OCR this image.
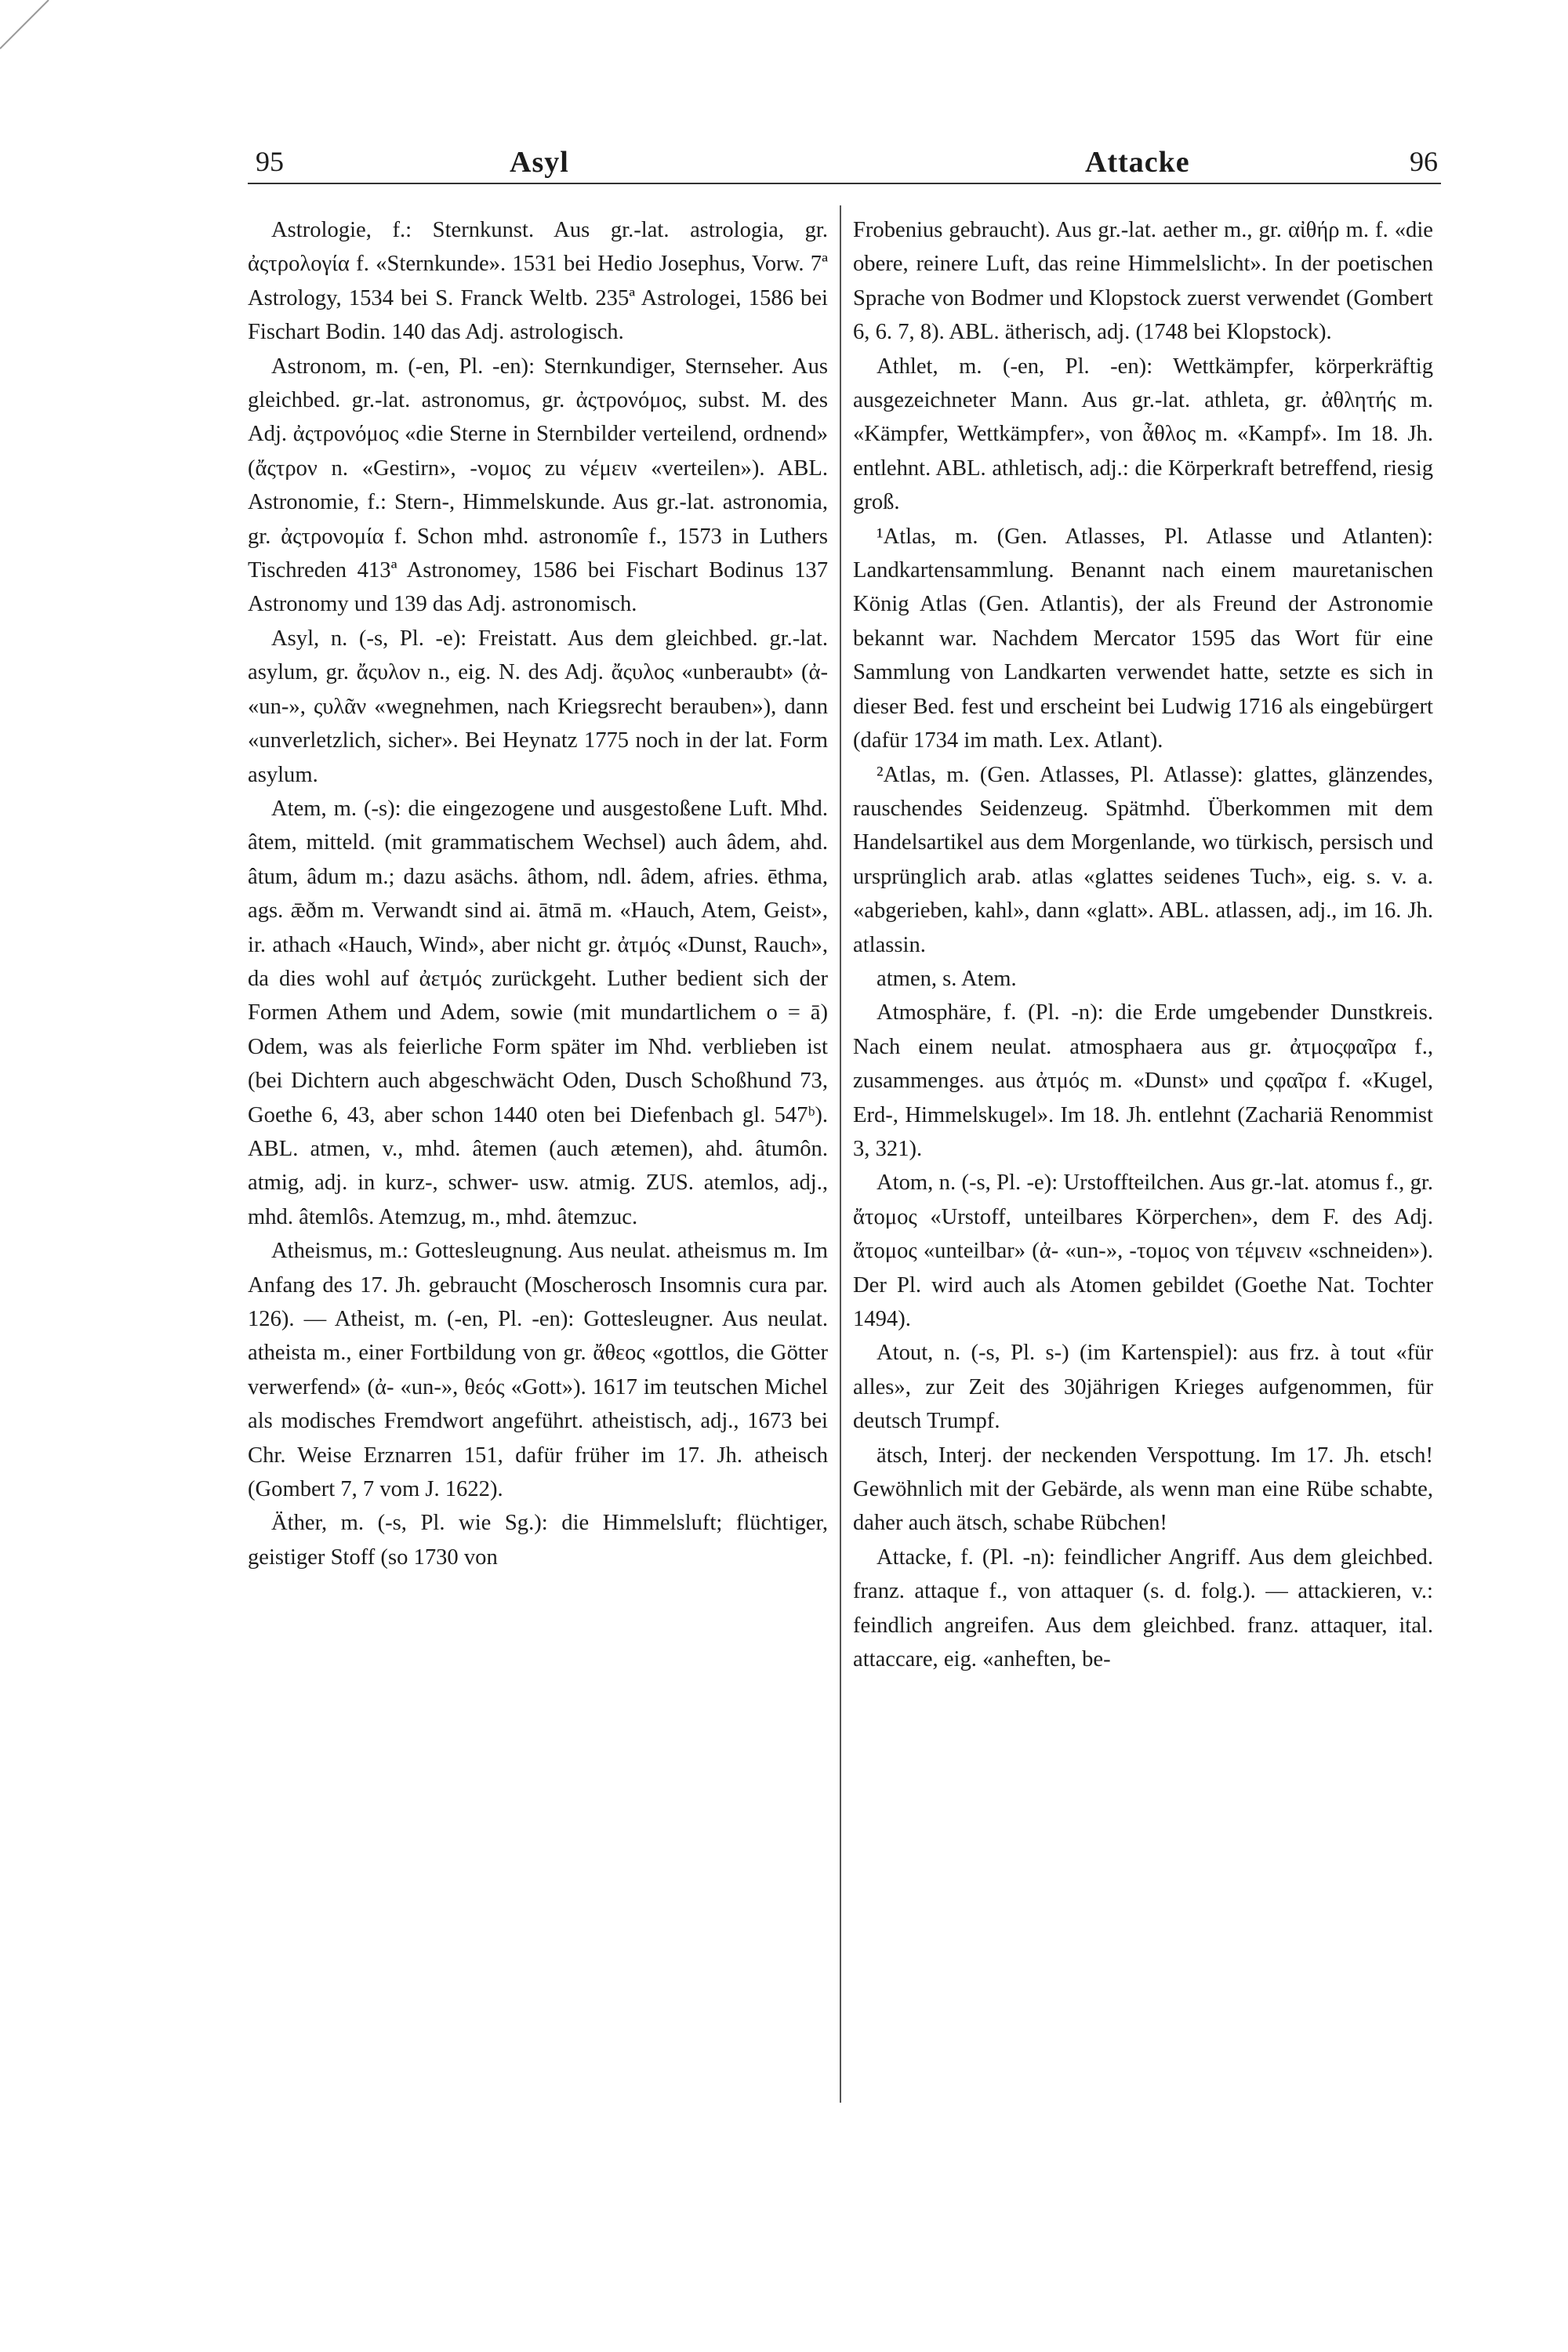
95	Asyl	Attacke	96

Astrologie, f.: Sternkunst. Aus gr.-lat. astrologia, gr. ἀςτρολογία f. «Sternkunde». 1531 bei Hedio Josephus, Vorw. 7ª Astrology, 1534 bei S. Franck Weltb. 235ª Astrologei, 1586 bei Fischart Bodin. 140 das Adj. astrologisch.

Astronom, m. (-en, Pl. -en): Sternkundiger, Sternseher. Aus gleichbed. gr.-lat. astronomus, gr. ἀςτρονόμος, subst. M. des Adj. ἀςτρονόμος «die Sterne in Sternbilder verteilend, ordnend» (ἄςτρον n. «Gestirn», -νομος zu νέμειν «verteilen»). ABL. Astronomie, f.: Stern-, Himmelskunde. Aus gr.-lat. astronomia, gr. ἀςτρονομία f. Schon mhd. astronomîe f., 1573 in Luthers Tischreden 413ª Astronomey, 1586 bei Fischart Bodinus 137 Astronomy und 139 das Adj. astronomisch.

Asyl, n. (-s, Pl. -e): Freistatt. Aus dem gleichbed. gr.-lat. asylum, gr. ἄςυλον n., eig. N. des Adj. ἄςυλος «unberaubt» (ἀ- «un-», ςυλᾶν «wegnehmen, nach Kriegsrecht berauben»), dann «unverletzlich, sicher». Bei Heynatz 1775 noch in der lat. Form asylum.

Atem, m. (-s): die eingezogene und ausgestoßene Luft. Mhd. âtem, mitteld. (mit grammatischem Wechsel) auch âdem, ahd. âtum, âdum m.; dazu asächs. âthom, ndl. âdem, afries. ēthma, ags. ǣðm m. Verwandt sind ai. ātmā m. «Hauch, Atem, Geist», ir. athach «Hauch, Wind», aber nicht gr. ἀτμός «Dunst, Rauch», da dies wohl auf ἀετμός zurückgeht. Luther bedient sich der Formen Athem und Adem, sowie (mit mundartlichem o = ā) Odem, was als feierliche Form später im Nhd. verblieben ist (bei Dichtern auch abgeschwächt Oden, Dusch Schoßhund 73, Goethe 6, 43, aber schon 1440 oten bei Diefenbach gl. 547ᵇ). ABL. atmen, v., mhd. âtemen (auch ætemen), ahd. âtumôn. atmig, adj. in kurz-, schwer- usw. atmig. ZUS. atemlos, adj., mhd. âtemlôs. Atemzug, m., mhd. âtemzuc.

Atheismus, m.: Gottesleugnung. Aus neulat. atheismus m. Im Anfang des 17. Jh. gebraucht (Moscherosch Insomnis cura par. 126). — Atheist, m. (-en, Pl. -en): Gottesleugner. Aus neulat. atheista m., einer Fortbildung von gr. ἄθεος «gottlos, die Götter verwerfend» (ἀ- «un-», θεός «Gott»). 1617 im teutschen Michel als modisches Fremdwort angeführt. atheistisch, adj., 1673 bei Chr. Weise Erznarren 151, dafür früher im 17. Jh. atheisch (Gombert 7, 7 vom J. 1622).

Äther, m. (-s, Pl. wie Sg.): die Himmelsluft; flüchtiger, geistiger Stoff (so 1730 von

Frobenius gebraucht). Aus gr.-lat. aether m., gr. αἰθήρ m. f. «die obere, reinere Luft, das reine Himmelslicht». In der poetischen Sprache von Bodmer und Klopstock zuerst verwendet (Gombert 6, 6. 7, 8). ABL. ätherisch, adj. (1748 bei Klopstock).

Athlet, m. (-en, Pl. -en): Wettkämpfer, körperkräftig ausgezeichneter Mann. Aus gr.-lat. athleta, gr. ἀθλητής m. «Kämpfer, Wettkämpfer», von ἆθλος m. «Kampf». Im 18. Jh. entlehnt. ABL. athletisch, adj.: die Körperkraft betreffend, riesig groß.

¹Atlas, m. (Gen. Atlasses, Pl. Atlasse und Atlanten): Landkartensammlung. Benannt nach einem mauretanischen König Atlas (Gen. Atlantis), der als Freund der Astronomie bekannt war. Nachdem Mercator 1595 das Wort für eine Sammlung von Landkarten verwendet hatte, setzte es sich in dieser Bed. fest und erscheint bei Ludwig 1716 als eingebürgert (dafür 1734 im math. Lex. Atlant).

²Atlas, m. (Gen. Atlasses, Pl. Atlasse): glattes, glänzendes, rauschendes Seidenzeug. Spätmhd. Überkommen mit dem Handelsartikel aus dem Morgenlande, wo türkisch, persisch und ursprünglich arab. atlas «glattes seidenes Tuch», eig. s. v. a. «abgerieben, kahl», dann «glatt». ABL. atlassen, adj., im 16. Jh. atlassin.

atmen, s. Atem.

Atmosphäre, f. (Pl. -n): die Erde umgebender Dunstkreis. Nach einem neulat. atmosphaera aus gr. ἀτμοςφαῖρα f., zusammenges. aus ἀτμός m. «Dunst» und ςφαῖρα f. «Kugel, Erd-, Himmelskugel». Im 18. Jh. entlehnt (Zachariä Renommist 3, 321).

Atom, n. (-s, Pl. -e): Urstoffteilchen. Aus gr.-lat. atomus f., gr. ἄτομος «Urstoff, unteilbares Körperchen», dem F. des Adj. ἄτομος «unteilbar» (ἀ- «un-», -τομος von τέμνειν «schneiden»). Der Pl. wird auch als Atomen gebildet (Goethe Nat. Tochter 1494).

Atout, n. (-s, Pl. s-) (im Kartenspiel): aus frz. à tout «für alles», zur Zeit des 30jährigen Krieges aufgenommen, für deutsch Trumpf.

ätsch, Interj. der neckenden Verspottung. Im 17. Jh. etsch! Gewöhnlich mit der Gebärde, als wenn man eine Rübe schabte, daher auch ätsch, schabe Rübchen!

Attacke, f. (Pl. -n): feindlicher Angriff. Aus dem gleichbed. franz. attaque f., von attaquer (s. d. folg.). — attackieren, v.: feindlich angreifen. Aus dem gleichbed. franz. attaquer, ital. attaccare, eig. «anheften, be-
